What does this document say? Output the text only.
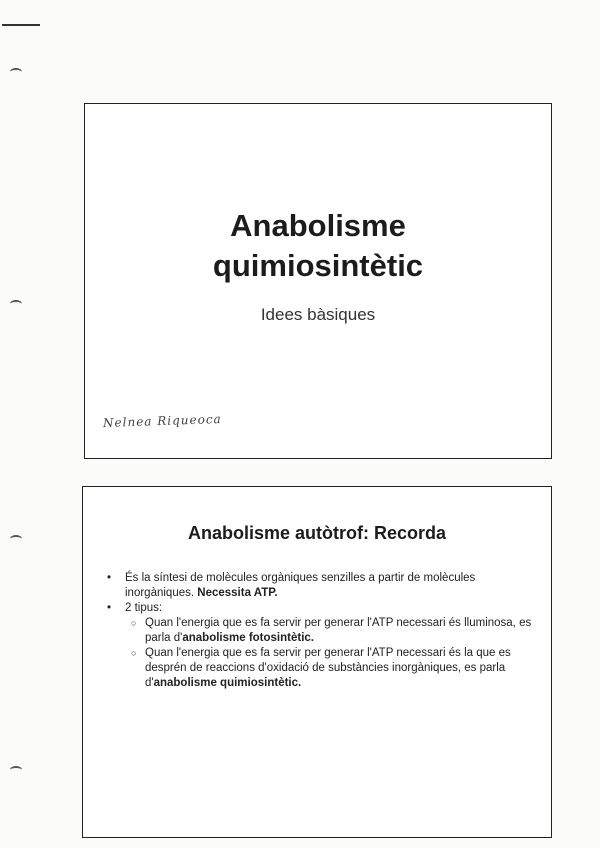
Anabolisme
quimiosintètic
Idees bàsiques
Nelnea Riqueoca
Anabolisme autòtrof: Recorda
•	És la síntesi de molècules orgàniques senzilles a partir de molècules inorgàniques. Necessita ATP.
•	2 tipus:
○ Quan l'energia que es fa servir per generar l'ATP necessari és lluminosa, es parla d'anabolisme fotosintètic.
○ Quan l'energia que es fa servir per generar l'ATP necessari és la que es desprén de reaccions d'oxidació de substàncies inorgàniques, es parla d'anabolisme quimiosintètic.
